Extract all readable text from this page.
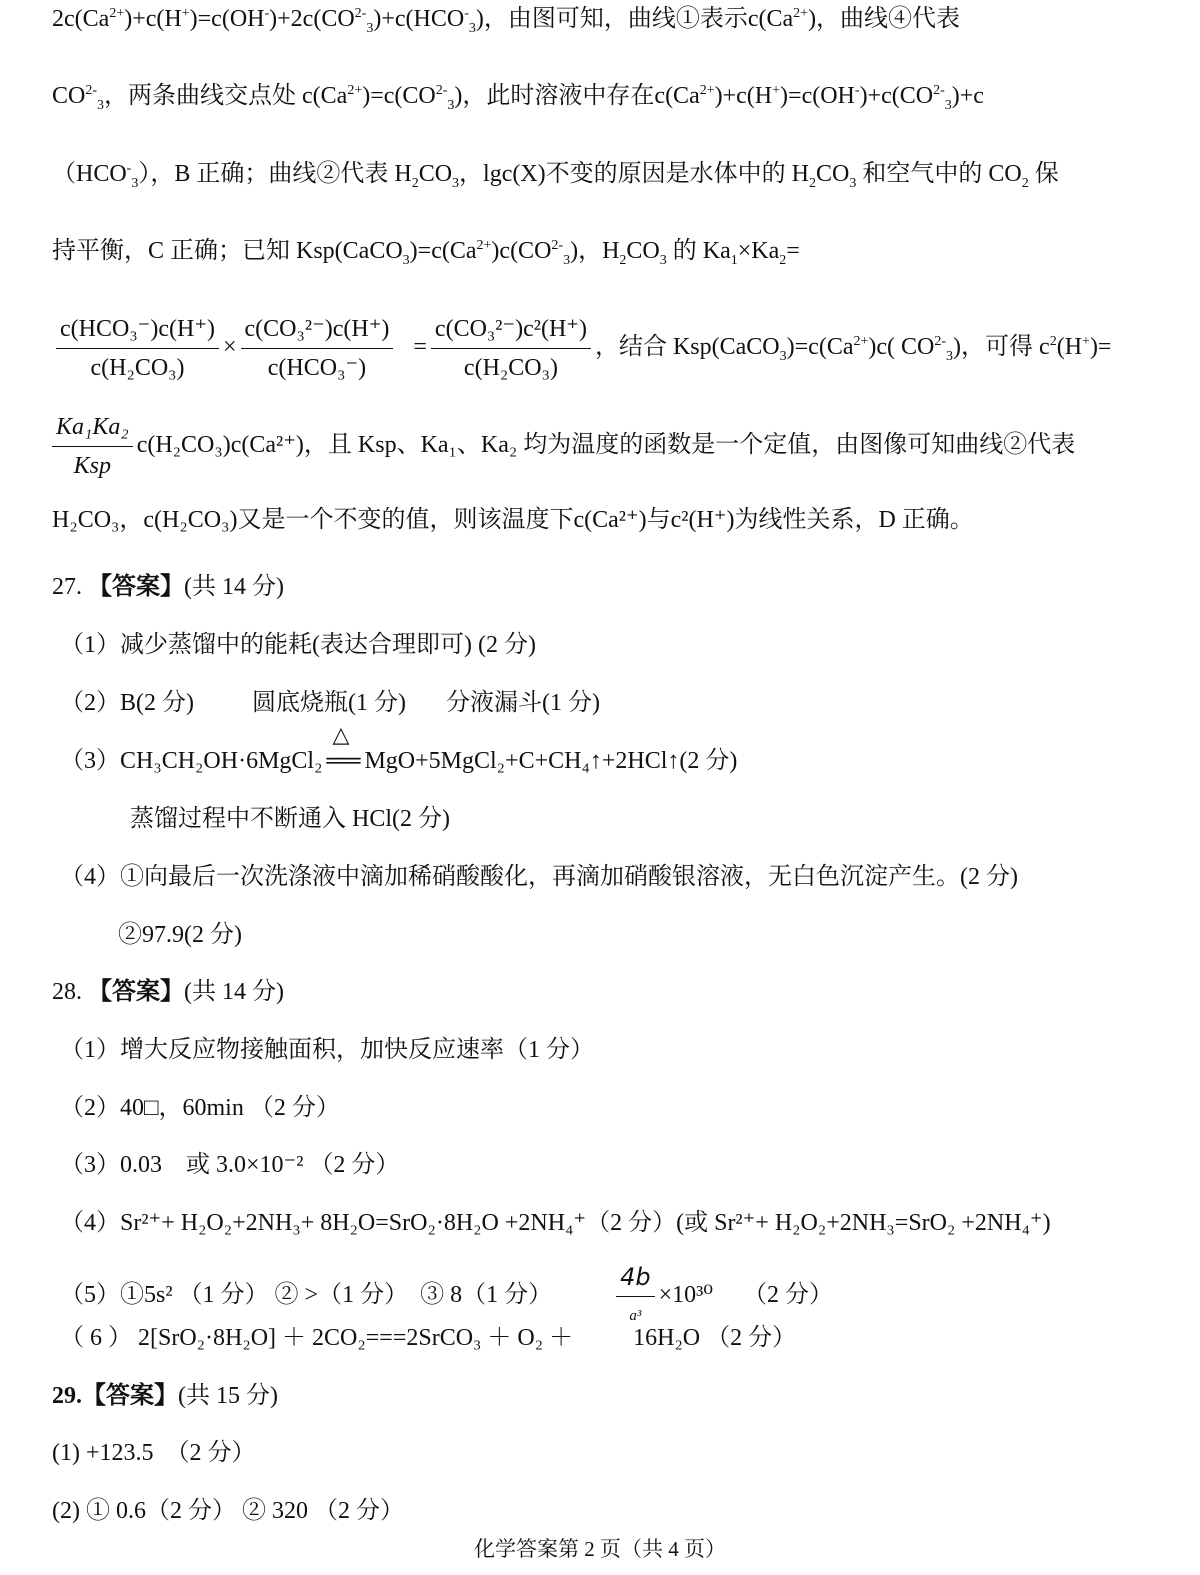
$2c(Ca^{2+})+c(H^+)=c(OH^-)+2c(CO^{2-}_3)+c(HCO^-_3)$，由图可知，曲线①表示$c(Ca^{2+})$，曲线④代表
$CO^{2-}_3$，两条曲线交点处 $c(Ca^{2+})=c(CO^{2-}_3)$，此时溶液中存在$c(Ca^{2+})+c(H^+)=c(OH^-)+c(CO^{2-}_3)+c$
$(HCO^-_3)$，B 正确；曲线②代表 $H_2CO_3$，lgc(X)不变的原因是水体中的 $H_2CO_3$ 和空气中的 $CO_2$ 保
持平衡，C 正确；已知 $Ksp(CaCO_3)=c(Ca^{2+})c(CO^{2-}_3)$，$H_2CO_3$ 的 $Ka_1\times Ka_2=$
$\frac{\text{c(HCO₃⁻)c(H⁺)}}{\text{c(H₂CO₃)}} \times \frac{\text{c(CO₃²⁻)c(H⁺)}}{\text{c(HCO₃⁻)}} = \frac{\text{c(CO₃²⁻)c²(H⁺)}}{\text{c(H₂CO₃)}}$ ，结合 $Ksp(CaCO_3)=c(Ca^{2+})c$( $CO^{2-}_3$)，可得 $c^2(H^+)=$
$\frac{\text{Ka₁Ka₂}}{\text{Ksp}} c(H_2CO_3)c(Ca^{2+})$，且 Ksp、Ka₁、Ka₂ 均为温度的函数是一个定值，由图像可知曲线②代表
H₂CO₃，c(H₂CO₃)又是一个不变的值，则该温度下c(Ca²⁺)与c²(H⁺)为线性关系，D 正确。
27. 【答案】(共 14 分)
（1）减少蒸馏中的能耗(表达合理即可) (2 分)
（2）B(2 分) 圆底烧瓶(1 分) 分液漏斗(1 分)
（3）CH₃CH₂OH·6MgCl₂
△
══ MgO+5MgCl₂+C+CH₄↑+2HCl↑(2 分)
蒸馏过程中不断通入 HCl(2 分)
（4）①向最后一次洗涤液中滴加稀硝酸酸化，再滴加硝酸银溶液，无白色沉淀产生。(2 分)
②97.9(2 分)
28. 【答案】(共 14 分)
（1）增大反应物接触面积，加快反应速率（1 分）
（2）40□，60min （2 分）
（3）0.03　或 3.0×10⁻² （2 分）
（4）Sr²⁺+ H₂O₂+2NH₃+ 8H₂O=SrO₂·8H₂O +2NH₄⁺（2 分）(或 Sr²⁺+ H₂O₂+2NH₃=SrO₂ +2NH₄⁺)
（5）①5s² （1 分） ② >（1 分）　③ 8（1 分）	$\frac{4b}{\text{a³}} \times 10^{30}$ （2 分）
（ 6 ） 2[SrO₂·8H₂O] ＋ 2CO₂===2SrCO₃ ＋ O₂ ＋	16H₂O （2 分）
29.【答案】(共 15 分)
(1) +123.5　（2 分）
(2) ① 0.6（2 分） ② 320 （2 分）
化学答案第 2 页（共 4 页）
